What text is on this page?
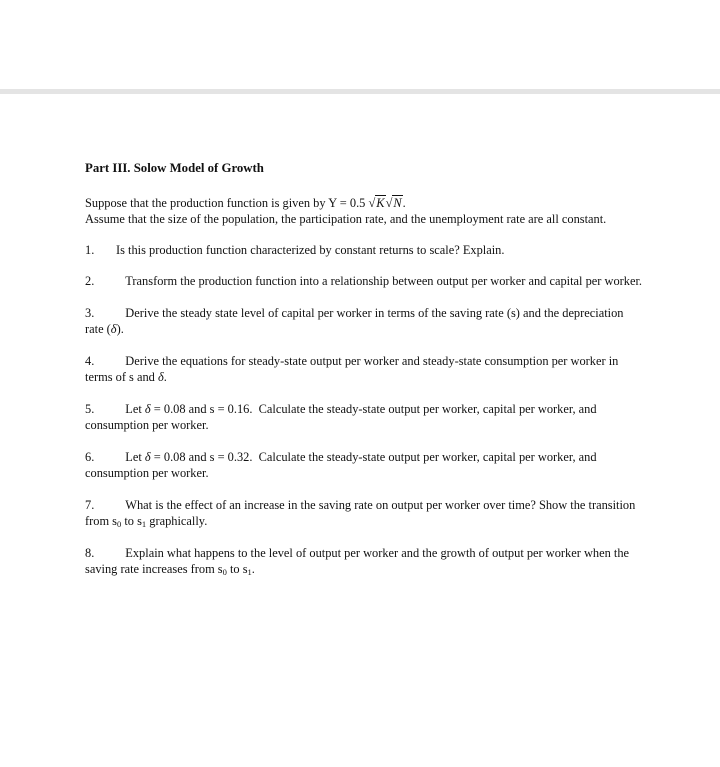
Part III. Solow Model of Growth

Suppose that the production function is given by Y = 0.5 √K√N.
Assume that the size of the population, the participation rate, and the unemployment rate are all constant.

1.	Is this production function characterized by constant returns to scale? Explain.

2.	Transform the production function into a relationship between output per worker and capital per worker.

3.	Derive the steady state level of capital per worker in terms of the saving rate (s) and the depreciation rate (δ).

4.	Derive the equations for steady-state output per worker and steady-state consumption per worker in terms of s and δ.

5.	Let δ = 0.08 and s = 0.16. Calculate the steady-state output per worker, capital per worker, and consumption per worker.

6.	Let δ = 0.08 and s = 0.32. Calculate the steady-state output per worker, capital per worker, and consumption per worker.

7.	What is the effect of an increase in the saving rate on output per worker over time? Show the transition from $s_0$ to $s_1$ graphically.

8.	Explain what happens to the level of output per worker and the growth of output per worker when the saving rate increases from $s_0$ to $s_1$.
